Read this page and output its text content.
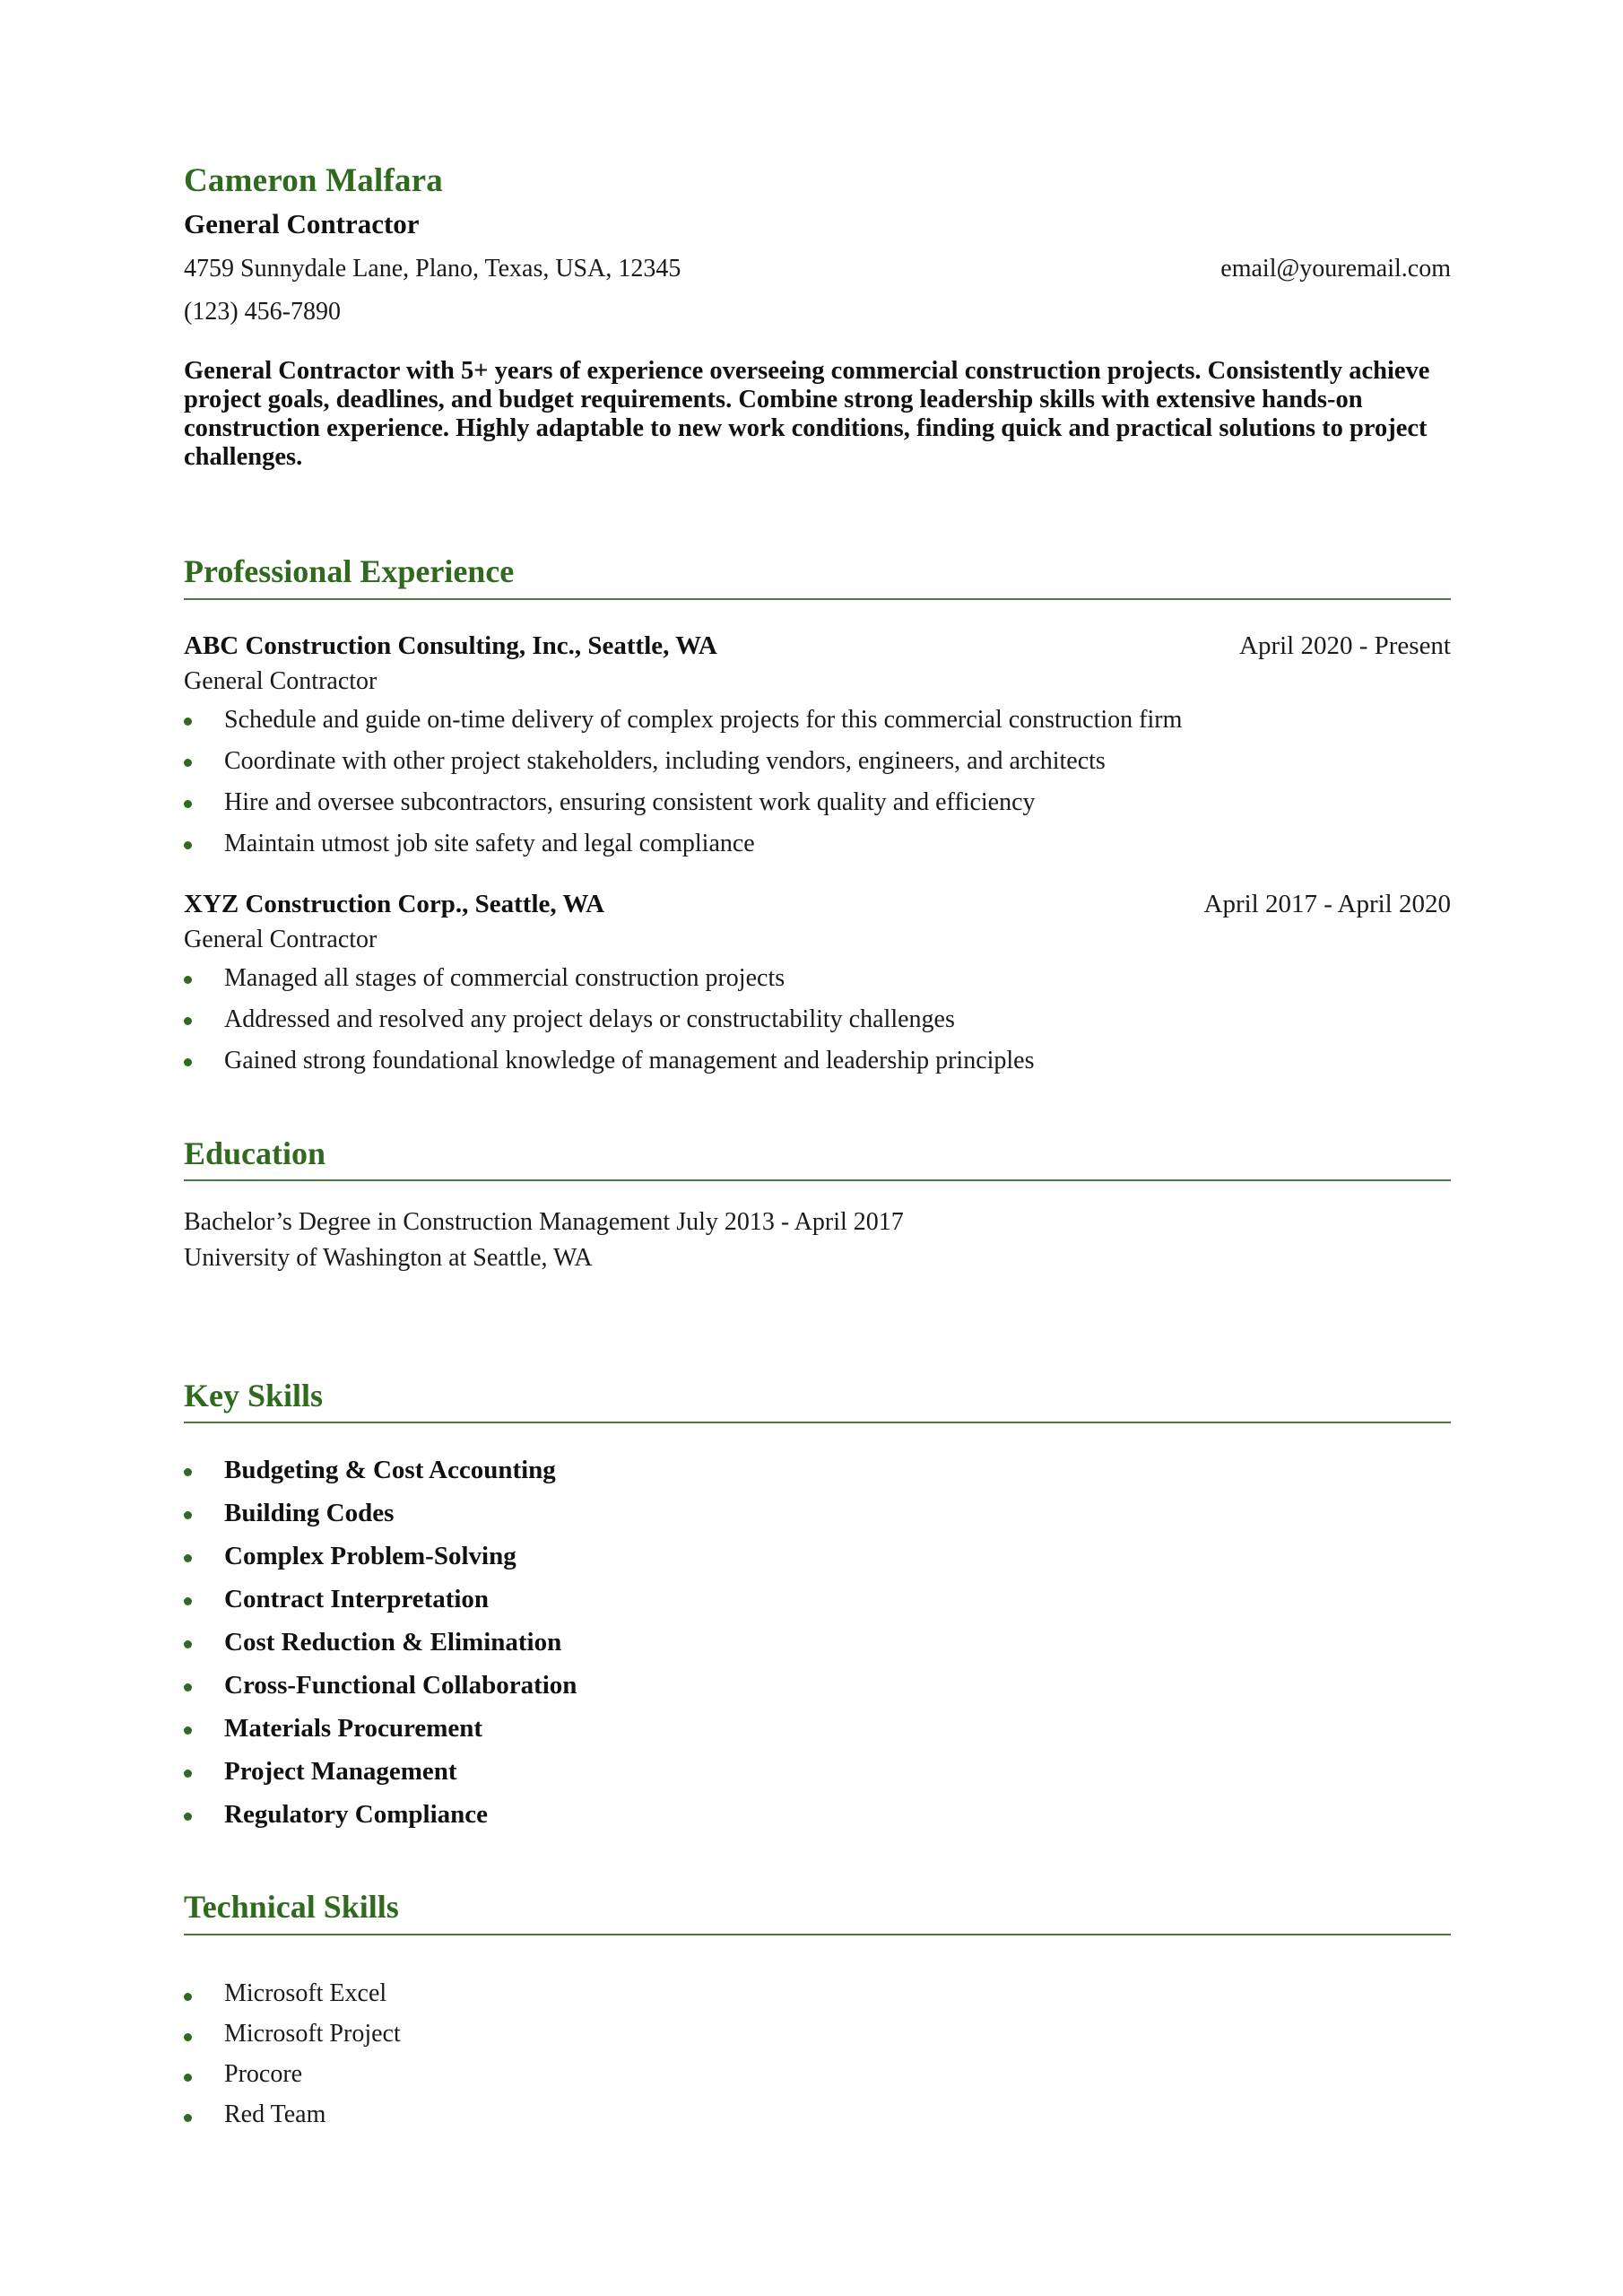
Cameron Malfara
General Contractor
4759 Sunnydale Lane, Plano, Texas, USA, 12345	email@youremail.com
(123) 456-7890
General Contractor with 5+ years of experience overseeing commercial construction projects. Consistently achieve project goals, deadlines, and budget requirements. Combine strong leadership skills with extensive hands-on construction experience. Highly adaptable to new work conditions, finding quick and practical solutions to project challenges.
Professional Experience
ABC Construction Consulting, Inc., Seattle, WA	April 2020 - Present
General Contractor
Schedule and guide on-time delivery of complex projects for this commercial construction firm
Coordinate with other project stakeholders, including vendors, engineers, and architects
Hire and oversee subcontractors, ensuring consistent work quality and efficiency
Maintain utmost job site safety and legal compliance
XYZ Construction Corp., Seattle, WA	April 2017 - April 2020
General Contractor
Managed all stages of commercial construction projects
Addressed and resolved any project delays or constructability challenges
Gained strong foundational knowledge of management and leadership principles
Education
Bachelor’s Degree in Construction Management July 2013 - April 2017
University of Washington at Seattle, WA
Key Skills
Budgeting & Cost Accounting
Building Codes
Complex Problem-Solving
Contract Interpretation
Cost Reduction & Elimination
Cross-Functional Collaboration
Materials Procurement
Project Management
Regulatory Compliance
Technical Skills
Microsoft Excel
Microsoft Project
Procore
Red Team
